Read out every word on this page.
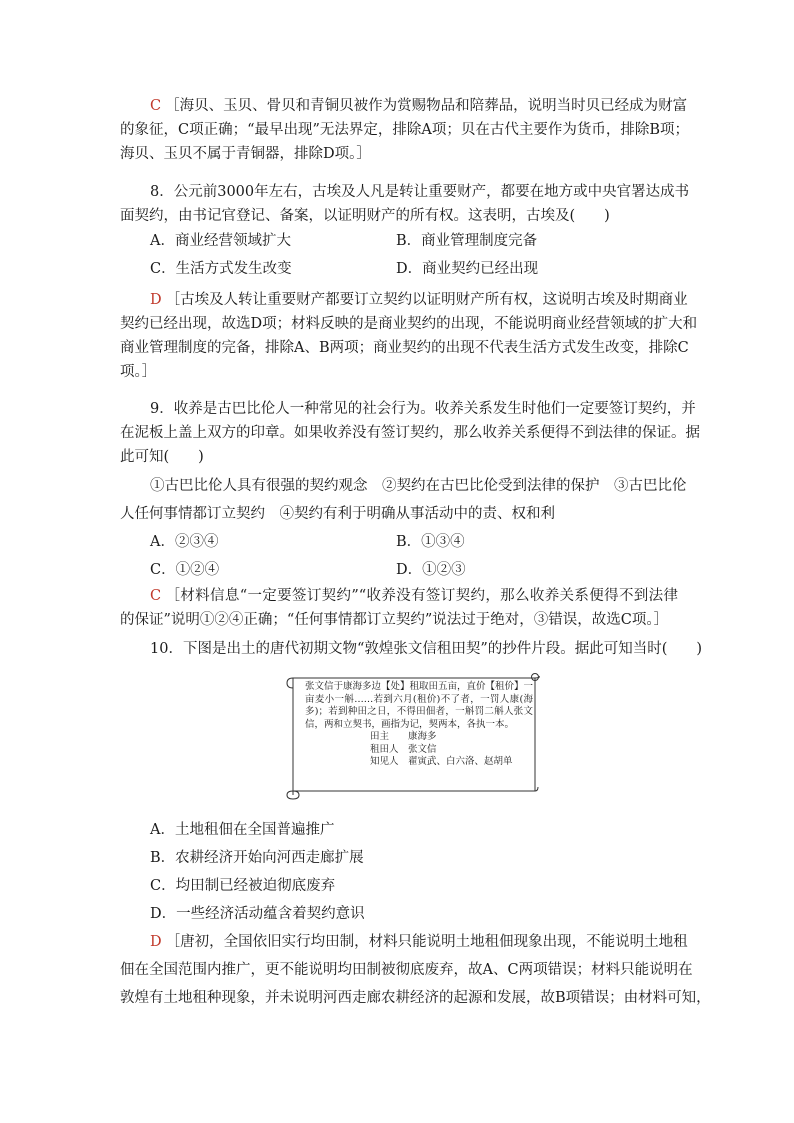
C ［海贝、玉贝、骨贝和青铜贝被作为赏赐物品和陪葬品，说明当时贝已经成为财富
的象征，C项正确；“最早出现”无法界定，排除A项；贝在古代主要作为货币，排除B项；
海贝、玉贝不属于青铜器，排除D项。］
8．公元前3000年左右，古埃及人凡是转让重要财产，都要在地方或中央官署达成书
面契约，由书记官登记、备案，以证明财产的所有权。这表明，古埃及(　　)
A．商业经营领域扩大	B．商业管理制度完备
C．生活方式发生改变	D．商业契约已经出现
D ［古埃及人转让重要财产都要订立契约以证明财产所有权，这说明古埃及时期商业
契约已经出现，故选D项；材料反映的是商业契约的出现，不能说明商业经营领域的扩大和
商业管理制度的完备，排除A、B两项；商业契约的出现不代表生活方式发生改变，排除C
项。］
9．收养是古巴比伦人一种常见的社会行为。收养关系发生时他们一定要签订契约，并
在泥板上盖上双方的印章。如果收养没有签订契约，那么收养关系便得不到法律的保证。据
此可知(　　)
①古巴比伦人具有很强的契约观念　②契约在古巴比伦受到法律的保护　③古巴比伦
人任何事情都订立契约　④契约有利于明确从事活动中的责、权和利
A．②③④	B．①③④
C．①②④	D．①②③
C ［材料信息“一定要签订契约”“收养没有签订契约，那么收养关系便得不到法律
的保证”说明①②④正确；“任何事情都订立契约”说法过于绝对，③错误，故选C项。］
10．下图是出土的唐代初期文物“敦煌张文信租田契”的抄件片段。据此可知当时(　　)
张文信于康海多边【处】租取田五亩，直价【租价】一亩麦小一斛……若到六月(租价)不了者，一罚人康(海多)；若到种田之日，不得田佃者，一斛罚二斛人张文信，两和立契书，画指为记，契两本，各执一本。
田主　　康海多
租田人　张文信
知见人　翟寅武、白六洛、赵胡单
A．土地租佃在全国普遍推广
B．农耕经济开始向河西走廊扩展
C．均田制已经被迫彻底废弃
D．一些经济活动蕴含着契约意识
D ［唐初，全国依旧实行均田制，材料只能说明土地租佃现象出现，不能说明土地租
佃在全国范围内推广，更不能说明均田制被彻底废弃，故A、C两项错误；材料只能说明在
敦煌有土地租种现象，并未说明河西走廊农耕经济的起源和发展，故B项错误；由材料可知，
